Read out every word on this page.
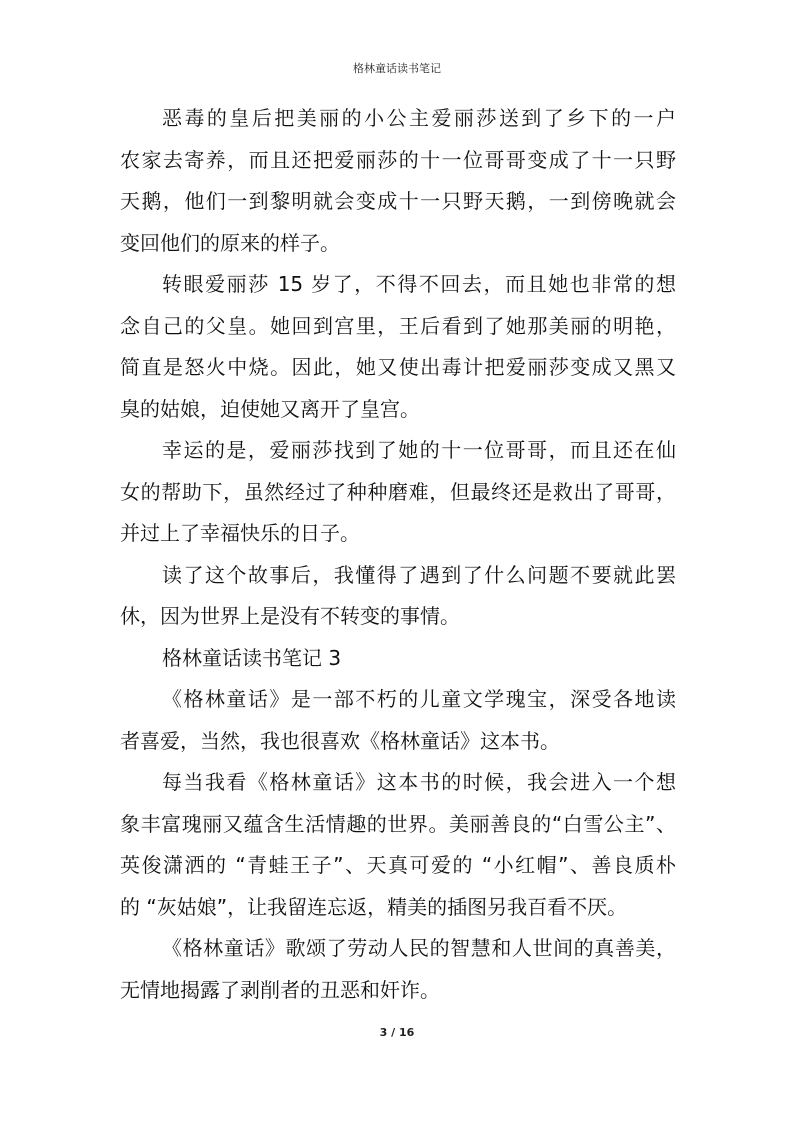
格林童话读书笔记
恶毒的皇后把美丽的小公主爱丽莎送到了乡下的一户
农家去寄养，而且还把爱丽莎的十一位哥哥变成了十一只野
天鹅，他们一到黎明就会变成十一只野天鹅，一到傍晚就会
变回他们的原来的样子。
转眼爱丽莎 15 岁了，不得不回去，而且她也非常的想
念自己的父皇。她回到宫里，王后看到了她那美丽的明艳，
简直是怒火中烧。因此，她又使出毒计把爱丽莎变成又黑又
臭的姑娘，迫使她又离开了皇宫。
幸运的是，爱丽莎找到了她的十一位哥哥，而且还在仙
女的帮助下，虽然经过了种种磨难，但最终还是救出了哥哥，
并过上了幸福快乐的日子。
读了这个故事后，我懂得了遇到了什么问题不要就此罢
休，因为世界上是没有不转变的事情。
格林童话读书笔记 3
《格林童话》是一部不朽的儿童文学瑰宝，深受各地读
者喜爱，当然，我也很喜欢《格林童话》这本书。
每当我看《格林童话》这本书的时候，我会进入一个想
象丰富瑰丽又蕴含生活情趣的世界。美丽善良的“白雪公主”、
英俊潇洒的 “青蛙王子”、天真可爱的 “小红帽”、善良质朴
的 “灰姑娘”，让我留连忘返，精美的插图另我百看不厌。
《格林童话》歌颂了劳动人民的智慧和人世间的真善美，
无情地揭露了剥削者的丑恶和奸诈。
3 / 16
